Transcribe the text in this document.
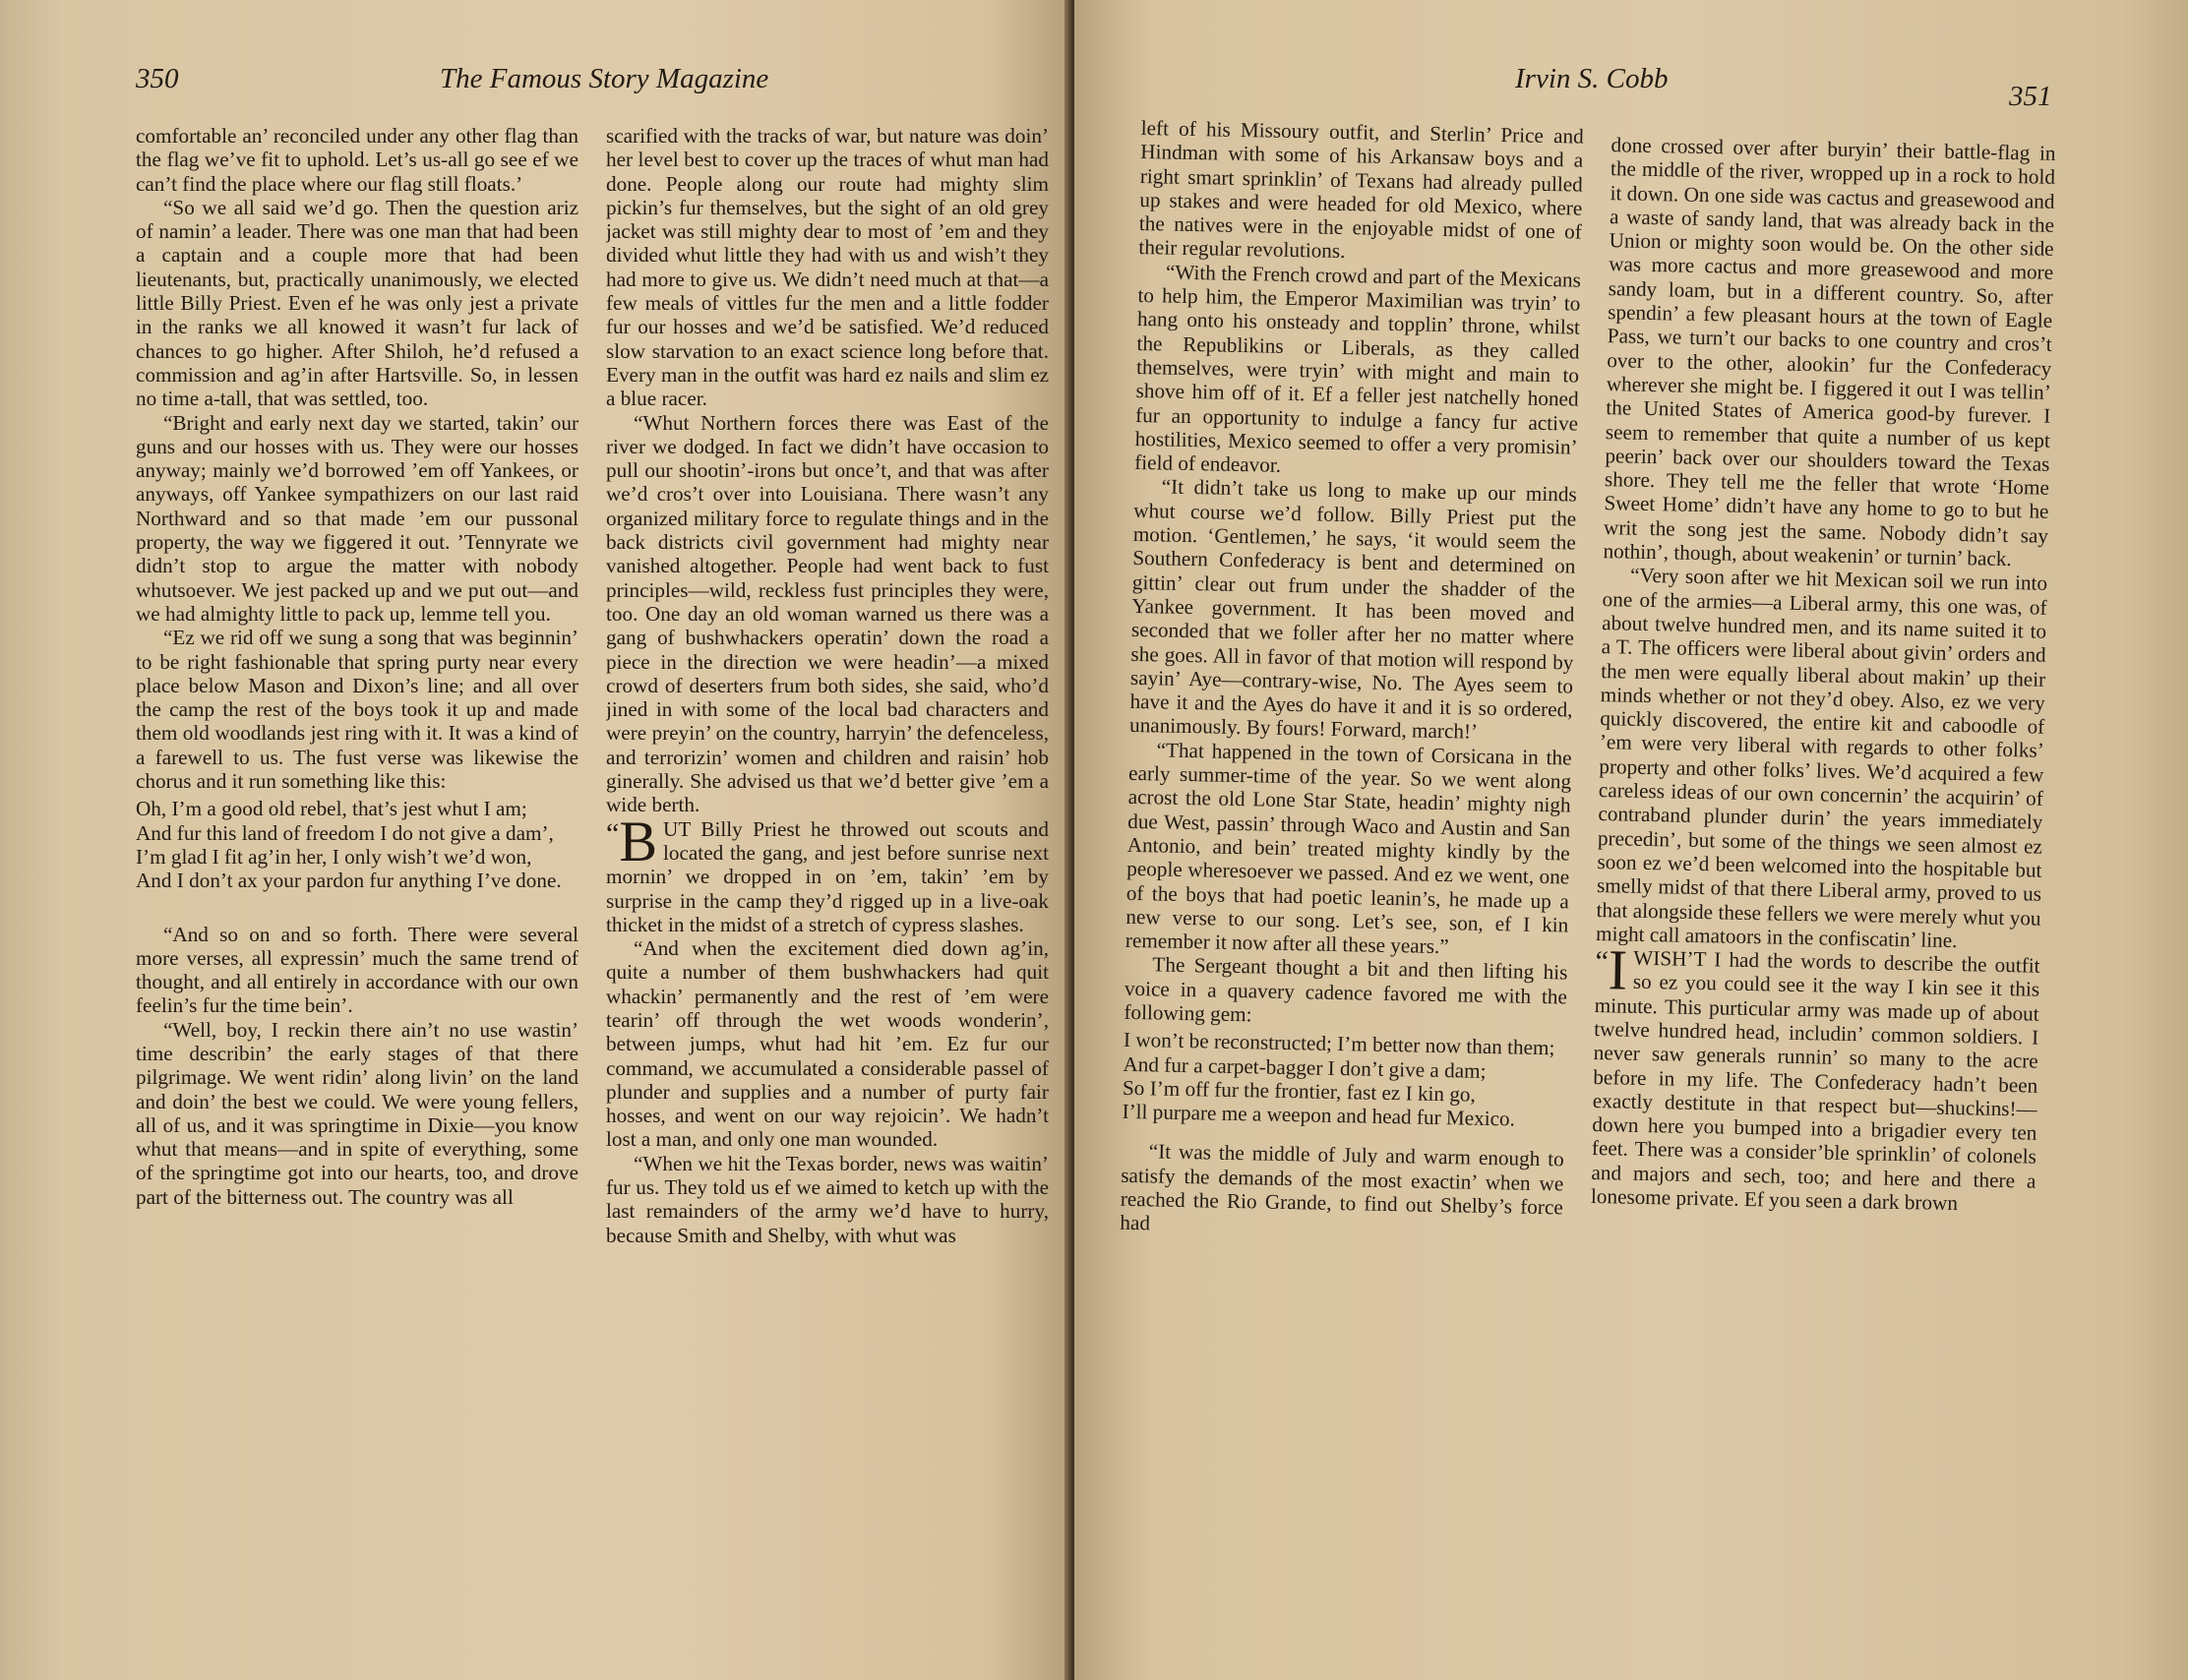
350	The Famous Story Magazine

comfortable an’ reconciled under any other flag than the flag we’ve fit to uphold. Let’s us-all go see ef we can’t find the place where our flag still floats.’

“So we all said we’d go. Then the question ariz of namin’ a leader. There was one man that had been a captain and a couple more that had been lieutenants, but, practically unanimously, we elected little Billy Priest. Even ef he was only jest a private in the ranks we all knowed it wasn’t fur lack of chances to go higher. After Shiloh, he’d refused a commission and ag’in after Hartsville. So, in lessen no time a-tall, that was settled, too.

“Bright and early next day we started, takin’ our guns and our hosses with us. They were our hosses anyway; mainly we’d borrowed ’em off Yankees, or anyways, off Yankee sympathizers on our last raid Northward and so that made ’em our pussonal property, the way we figgered it out. ’Tennyrate we didn’t stop to argue the matter with nobody whutsoever. We jest packed up and we put out—and we had almighty little to pack up, lemme tell you.

“Ez we rid off we sung a song that was beginnin’ to be right fashionable that spring purty near every place below Mason and Dixon’s line; and all over the camp the rest of the boys took it up and made them old woodlands jest ring with it. It was a kind of a farewell to us. The fust verse was likewise the chorus and it run something like this:

Oh, I’m a good old rebel, that’s jest whut I am;
And fur this land of freedom I do not give a dam’,
I’m glad I fit ag’in her, I only wish’t we’d won,
And I don’t ax your pardon fur anything I’ve done.

“And so on and so forth. There were several more verses, all expressin’ much the same trend of thought, and all entirely in accordance with our own feelin’s fur the time bein’.

“Well, boy, I reckin there ain’t no use wastin’ time describin’ the early stages of that there pilgrimage. We went ridin’ along livin’ on the land and doin’ the best we could. We were young fellers, all of us, and it was springtime in Dixie—you know whut that means—and in spite of everything, some of the springtime got into our hearts, too, and drove part of the bitterness out. The country was all

scarified with the tracks of war, but nature was doin’ her level best to cover up the traces of whut man had done. People along our route had mighty slim pickin’s fur themselves, but the sight of an old grey jacket was still mighty dear to most of ’em and they divided whut little they had with us and wish’t they had more to give us. We didn’t need much at that—a few meals of vittles fur the men and a little fodder fur our hosses and we’d be satisfied. We’d reduced slow starvation to an exact science long before that. Every man in the outfit was hard ez nails and slim ez a blue racer.

“Whut Northern forces there was East of the river we dodged. In fact we didn’t have occasion to pull our shootin’-irons but once’t, and that was after we’d cros’t over into Louisiana. There wasn’t any organized military force to regulate things and in the back districts civil government had mighty near vanished altogether. People had went back to fust principles—wild, reckless fust principles they were, too. One day an old woman warned us there was a gang of bushwhackers operatin’ down the road a piece in the direction we were headin’—a mixed crowd of deserters frum both sides, she said, who’d jined in with some of the local bad characters and were preyin’ on the country, harryin’ the defenceless, and terrorizin’ women and children and raisin’ hob ginerally. She advised us that we’d better give ’em a wide berth.

“B UT Billy Priest he throwed out scouts and located the gang, and jest before sunrise next mornin’ we dropped in on ’em, takin’ ’em by surprise in the camp they’d rigged up in a live-oak thicket in the midst of a stretch of cypress slashes.

“And when the excitement died down ag’in, quite a number of them bushwhackers had quit whackin’ permanently and the rest of ’em were tearin’ off through the wet woods wonderin’, between jumps, whut had hit ’em. Ez fur our command, we accumulated a considerable passel of plunder and supplies and a number of purty fair hosses, and went on our way rejoicin’. We hadn’t lost a man, and only one man wounded.

“When we hit the Texas border, news was waitin’ fur us. They told us ef we aimed to ketch up with the last remainders of the army we’d have to hurry, because Smith and Shelby, with whut was

Irvin S. Cobb
351

left of his Missoury outfit, and Sterlin’ Price and Hindman with some of his Arkansaw boys and a right smart sprinklin’ of Texans had already pulled up stakes and were headed for old Mexico, where the natives were in the enjoyable midst of one of their regular revolutions.

“With the French crowd and part of the Mexicans to help him, the Emperor Maximilian was tryin’ to hang onto his onsteady and topplin’ throne, whilst the Republikins or Liberals, as they called themselves, were tryin’ with might and main to shove him off of it. Ef a feller jest natchelly honed fur an opportunity to indulge a fancy fur active hostilities, Mexico seemed to offer a very promisin’ field of endeavor.

“It didn’t take us long to make up our minds whut course we’d follow. Billy Priest put the motion. ‘Gentlemen,’ he says, ‘it would seem the Southern Confederacy is bent and determined on gittin’ clear out frum under the shadder of the Yankee government. It has been moved and seconded that we foller after her no matter where she goes. All in favor of that motion will respond by sayin’ Aye—contrary-wise, No. The Ayes seem to have it and the Ayes do have it and it is so ordered, unanimously. By fours! Forward, march!’

“That happened in the town of Corsicana in the early summer-time of the year. So we went along acrost the old Lone Star State, headin’ mighty nigh due West, passin’ through Waco and Austin and San Antonio, and bein’ treated mighty kindly by the people wheresoever we passed. And ez we went, one of the boys that had poetic leanin’s, he made up a new verse to our song. Let’s see, son, ef I kin remember it now after all these years.”

The Sergeant thought a bit and then lifting his voice in a quavery cadence favored me with the following gem:

I won’t be reconstructed; I’m better now than them;
And fur a carpet-bagger I don’t give a dam;
So I’m off fur the frontier, fast ez I kin go,
I’ll purpare me a weepon and head fur Mexico.

“It was the middle of July and warm enough to satisfy the demands of the most exactin’ when we reached the Rio Grande, to find out Shelby’s force had

done crossed over after buryin’ their battle-flag in the middle of the river, wropped up in a rock to hold it down. On one side was cactus and greasewood and a waste of sandy land, that was already back in the Union or mighty soon would be. On the other side was more cactus and more greasewood and more sandy loam, but in a different country. So, after spendin’ a few pleasant hours at the town of Eagle Pass, we turn’t our backs to one country and cros’t over to the other, alookin’ fur the Confederacy wherever she might be. I figgered it out I was tellin’ the United States of America good-by furever. I seem to remember that quite a number of us kept peerin’ back over our shoulders toward the Texas shore. They tell me the feller that wrote ‘Home Sweet Home’ didn’t have any home to go to but he writ the song jest the same. Nobody didn’t say nothin’, though, about weakenin’ or turnin’ back.

“Very soon after we hit Mexican soil we run into one of the armies—a Liberal army, this one was, of about twelve hundred men, and its name suited it to a T. The officers were liberal about givin’ orders and the men were equally liberal about makin’ up their minds whether or not they’d obey. Also, ez we very quickly discovered, the entire kit and caboodle of ’em were very liberal with regards to other folks’ property and other folks’ lives. We’d acquired a few careless ideas of our own concernin’ the acquirin’ of contraband plunder durin’ the years immediately precedin’, but some of the things we seen almost ez soon ez we’d been welcomed into the hospitable but smelly midst of that there Liberal army, proved to us that alongside these fellers we were merely whut you might call amatoors in the confiscatin’ line.

“I WISH’T I had the words to describe the outfit so ez you could see it the way I kin see it this minute. This purticular army was made up of about twelve hundred head, includin’ common soldiers. I never saw generals runnin’ so many to the acre before in my life. The Confederacy hadn’t been exactly destitute in that respect but—shuckins!—down here you bumped into a brigadier every ten feet. There was a consider’ble sprinklin’ of colonels and majors and sech, too; and here and there a lonesome private. Ef you seen a dark brown
